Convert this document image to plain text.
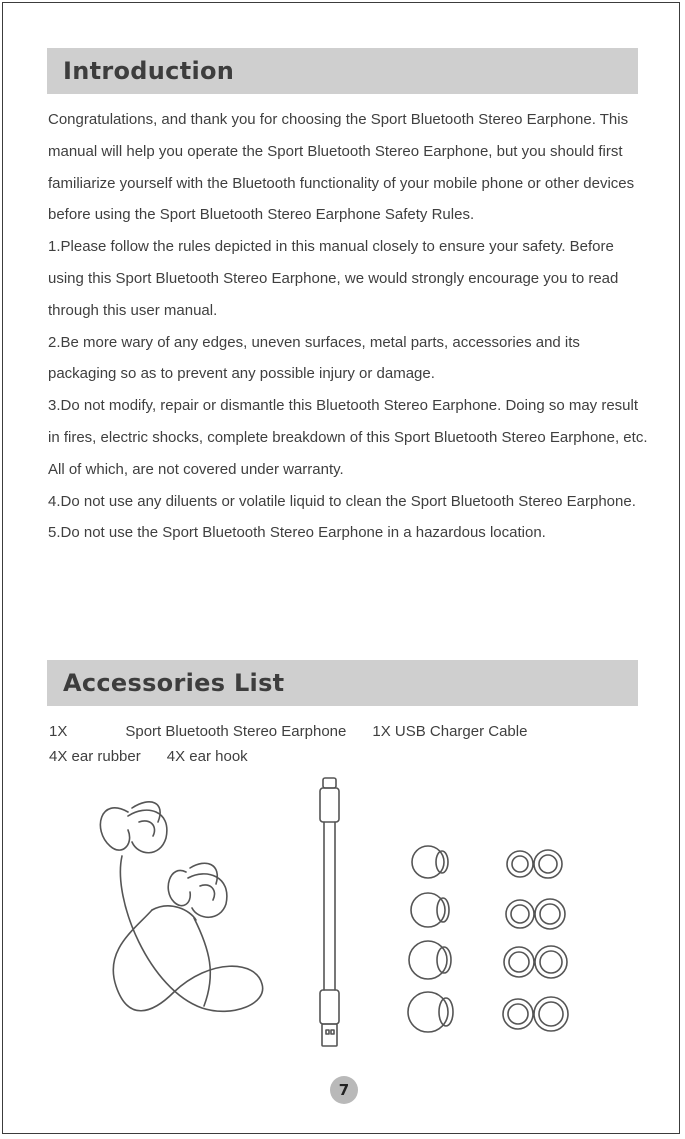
Introduction

Congratulations, and thank you for choosing the Sport Bluetooth Stereo Earphone. This manual will help you operate the Sport Bluetooth Stereo Earphone, but you should first familiarize yourself with the Bluetooth functionality of your mobile phone or other devices before using the Sport Bluetooth Stereo Earphone Safety Rules.

1.Please follow the rules depicted in this manual closely to ensure your safety. Before using this Sport Bluetooth Stereo Earphone, we would strongly encourage you to read through this user manual.

2.Be more wary of any edges, uneven surfaces, metal parts, accessories and its packaging so as to prevent any possible injury or damage.

3.Do not modify, repair or dismantle this Bluetooth Stereo Earphone. Doing so may result in fires, electric shocks, complete breakdown of this Sport Bluetooth Stereo Earphone, etc. All of which, are not covered under warranty.

4.Do not use any diluents or volatile liquid to clean the Sport Bluetooth Stereo Earphone.

5.Do not use the Sport Bluetooth Stereo Earphone in a hazardous location.

Accessories List
1X	Sport Bluetooth Stereo Earphone 1X USB Charger Cable
4X ear rubber 4X ear hook
7
